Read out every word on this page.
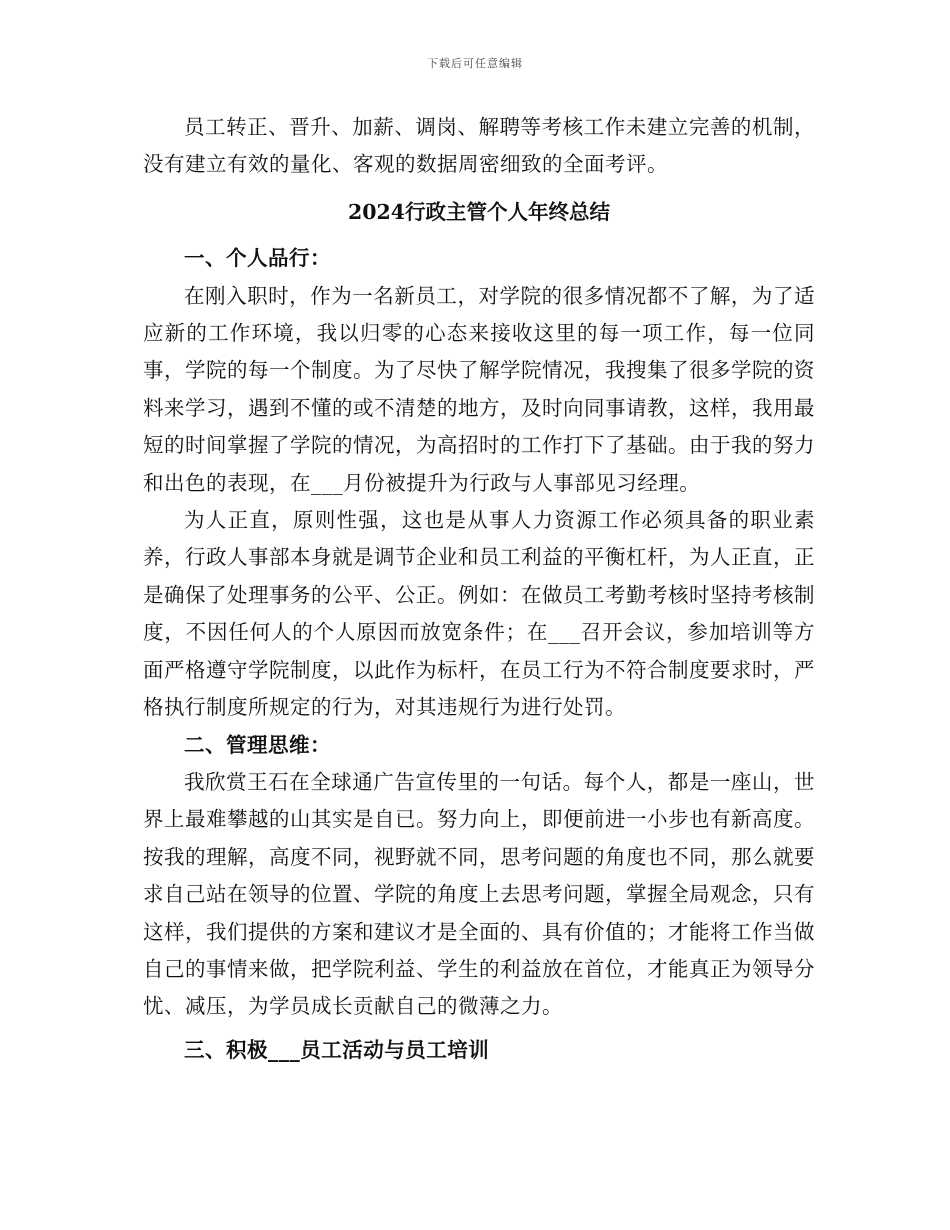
下载后可任意编辑

员工转正、晋升、加薪、调岗、解聘等考核工作未建立完善的机制，没有建立有效的量化、客观的数据周密细致的全面考评。

2024行政主管个人年终总结

一、个人品行：

在刚入职时，作为一名新员工，对学院的很多情况都不了解，为了适应新的工作环境，我以归零的心态来接收这里的每一项工作，每一位同事，学院的每一个制度。为了尽快了解学院情况，我搜集了很多学院的资料来学习，遇到不懂的或不清楚的地方，及时向同事请教，这样，我用最短的时间掌握了学院的情况，为高招时的工作打下了基础。由于我的努力和出色的表现，在___月份被提升为行政与人事部见习经理。

为人正直，原则性强，这也是从事人力资源工作必须具备的职业素养，行政人事部本身就是调节企业和员工利益的平衡杠杆，为人正直，正是确保了处理事务的公平、公正。例如：在做员工考勤考核时坚持考核制度，不因任何人的个人原因而放宽条件；在___召开会议，参加培训等方面严格遵守学院制度，以此作为标杆，在员工行为不符合制度要求时，严格执行制度所规定的行为，对其违规行为进行处罚。

二、管理思维：

我欣赏王石在全球通广告宣传里的一句话。每个人，都是一座山，世界上最难攀越的山其实是自已。努力向上，即便前进一小步也有新高度。按我的理解，高度不同，视野就不同，思考问题的角度也不同，那么就要求自己站在领导的位置、学院的角度上去思考问题，掌握全局观念，只有这样，我们提供的方案和建议才是全面的、具有价值的；才能将工作当做自己的事情来做，把学院利益、学生的利益放在首位，才能真正为领导分忧、减压，为学员成长贡献自己的微薄之力。

三、积极___员工活动与员工培训
